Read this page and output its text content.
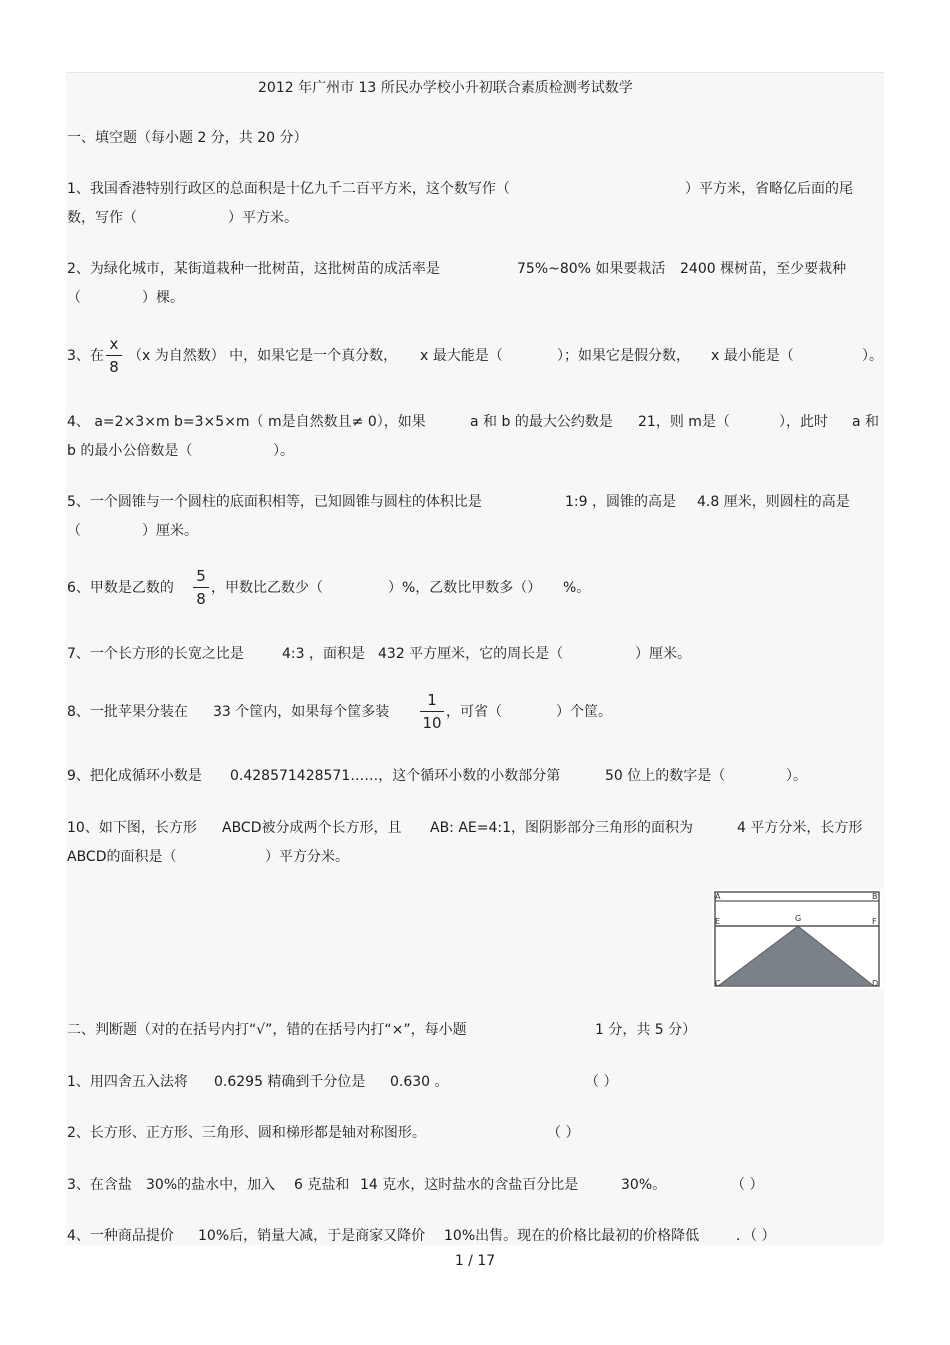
2012 年广州市 13 所民办学校小升初联合素质检测考试数学
一、填空题（每小题 2 分，共 20 分）
1、我国香港特别行政区的总面积是十亿九千二百平方米，这个数写作（	）平方米，省略亿后面的尾
数，写作（	）平方米。
2、为绿化城市，某街道栽种一批树苗，这批树苗的成活率是	75%~80% 如果要栽活 2400 棵树苗，至少要栽种
（	）棵。
3、在
x
8
（x 为自然数） 中，如果它是一个真分数， x 最大能是（	）；如果它是假分数， x 最小能是（	）。
4、 a=2×3×m b=3×5×m（ m是自然数且≠ 0），如果	a 和 b 的最大公约数是 21，则 m是（	），此时 a 和
b 的最小公倍数是（	）。
5、一个圆锥与一个圆柱的底面积相等，已知圆锥与圆柱的体积比是	1:9 ，圆锥的高是 4.8 厘米，则圆柱的高是
（	）厘米。
6、甲数是乙数的
5
8
，甲数比乙数少（	）%，乙数比甲数多（） %。
7、一个长方形的长宽之比是	4:3 ，面积是 432 平方厘米，它的周长是（	）厘米。
8、一批苹果分装在 33 个筐内，如果每个筐多装
1
10
，可省（	）个筐。
9、把化成循环小数是 0.428571428571……，这个循环小数的小数部分第	50 位上的数字是（	）。
10、如下图，长方形 ABCD被分成两个长方形，且 AB: AE=4:1，图阴影部分三角形的面积为	4 平方分米，长方形
ABCD的面积是（	）平方分米。
A	B
E	F
G
C	D
二、判断题（对的在括号内打“√”，错的在括号内打“×”，每小题	1 分，共 5 分）
1、用四舍五入法将 0.6295 精确到千分位是 0.630 。	（ ）
2、长方形、正方形、三角形、圆和梯形都是轴对称图形。	（ ）
3、在含盐 30%的盐水中，加入 6 克盐和 14 克水，这时盐水的含盐百分比是	30%。	（ ）
4、一种商品提价 10%后，销量大减，于是商家又降价 10%出售。现在的价格比最初的价格降低	．（ ）
1 / 17
